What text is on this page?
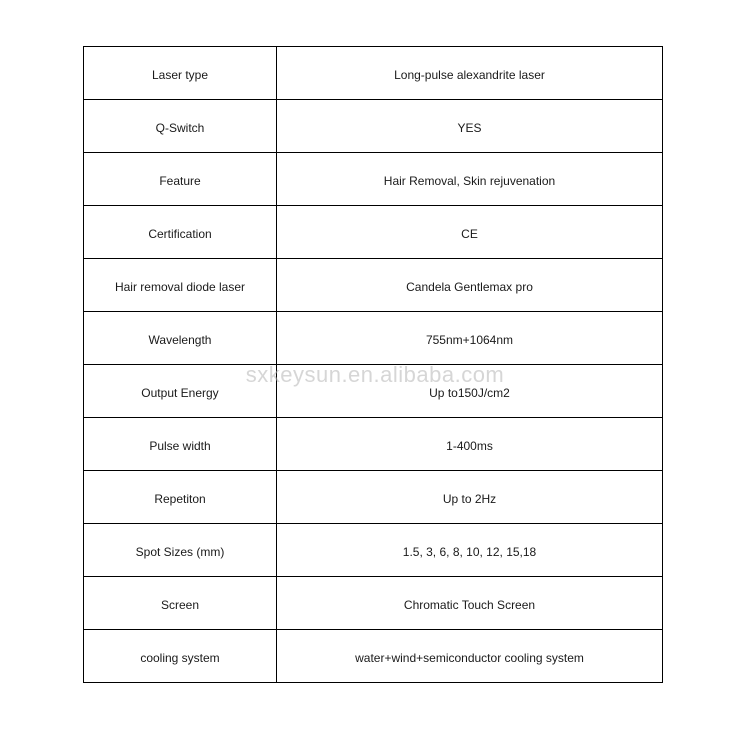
Laser type	Long-pulse alexandrite laser
Q-Switch	YES
Feature	Hair Removal, Skin rejuvenation
Certification	CE
Hair removal diode laser	Candela Gentlemax pro
Wavelength	755nm+1064nm
Output Energy	Up to150J/cm2
Pulse width	1-400ms
Repetiton	Up to 2Hz
Spot Sizes (mm)	1.5, 3, 6, 8, 10, 12, 15,18
Screen	Chromatic Touch Screen
cooling system	water+wind+semiconductor cooling system
sxkeysun.en.alibaba.com
